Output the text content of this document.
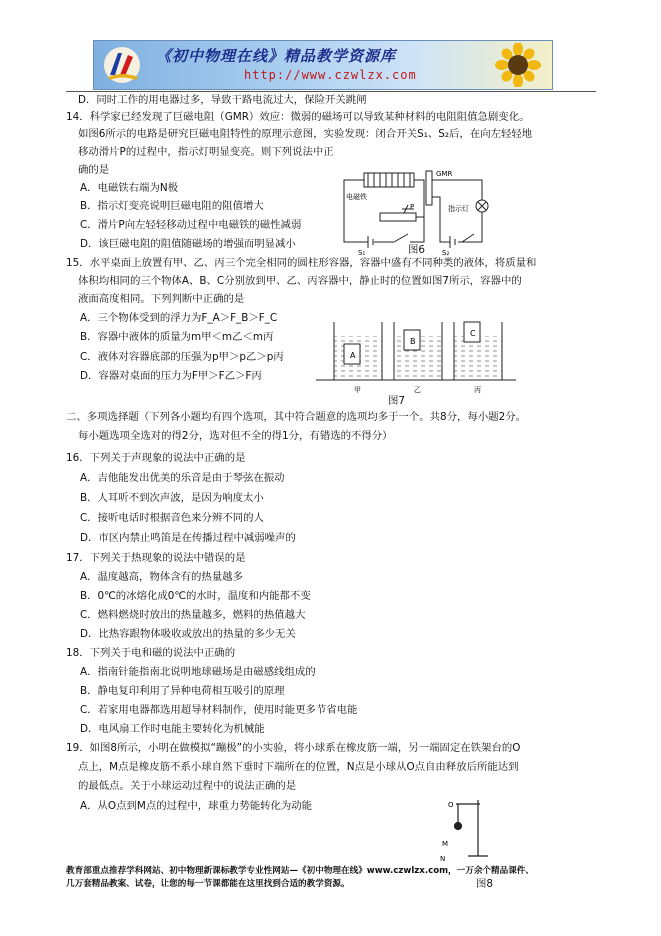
《初中物理在线》精品教学资源库
http://www.czwlzx.com
D．同时工作的用电器过多，导致干路电流过大，保险开关跳闸
14．科学家已经发现了巨磁电阻（GMR）效应：微弱的磁场可以导致某种材料的电阻阻值急剧变化。
如图6所示的电路是研究巨磁电阻特性的原理示意图，实验发现：闭合开关S₁、S₂后，在向左轻轻地
移动滑片P的过程中，指示灯明显变亮。则下列说法中正
确的是
A．电磁铁右端为N极
B．指示灯变亮说明巨磁电阻的阻值增大
C．滑片P向左轻轻移动过程中电磁铁的磁性减弱
D．该巨磁电阻的阻值随磁场的增强而明显减小
15．水平桌面上放置有甲、乙、丙三个完全相同的圆柱形容器，容器中盛有不同种类的液体，将质量和
体积均相同的三个物体A、B、C分别放到甲、乙、丙容器中，静止时的位置如图7所示，容器中的
液面高度相同。下列判断中正确的是
A．三个物体受到的浮力为F_A＞F_B＞F_C
B．容器中液体的质量为m甲＜m乙＜m丙
C．液体对容器底部的压强为p甲＞p乙＞p丙
D．容器对桌面的压力为F甲＞F乙＞F丙
二、多项选择题（下列各小题均有四个选项，其中符合题意的选项均多于一个。共8分，每小题2分。
每小题选项全选对的得2分，选对但不全的得1分，有错选的不得分）
16．下列关于声现象的说法中正确的是
A．吉他能发出优美的乐音是由于琴弦在振动
B．人耳听不到次声波，是因为响度太小
C．接听电话时根据音色来分辨不同的人
D．市区内禁止鸣笛是在传播过程中减弱噪声的
17．下列关于热现象的说法中错误的是
A．温度越高，物体含有的热量越多
B．0℃的冰熔化成0℃的水时，温度和内能都不变
C．燃料燃烧时放出的热量越多，燃料的热值越大
D．比热容跟物体吸收或放出的热量的多少无关
18．下列关于电和磁的说法中正确的
A．指南针能指南北说明地球磁场是由磁感线组成的
B．静电复印利用了异种电荷相互吸引的原理
C．若家用电器都选用超导材料制作，使用时能更多节省电能
D．电风扇工作时电能主要转化为机械能
19．如图8所示，小明在做模拟“蹦极”的小实验，将小球系在橡皮筋一端，另一端固定在铁架台的O
点上，M点是橡皮筋不系小球自然下垂时下端所在的位置，N点是小球从O点自由释放后所能达到
的最低点。关于小球运动过程中的说法正确的是
A．从O点到M点的过程中，球重力势能转化为动能
电磁铁
P
GMR
指示灯
S₁	S₂
图6
A
B
C
甲	乙	丙
图7
O
M
N
教育部重点推荐学科网站、初中物理新课标教学专业性网站—《初中物理在线》www.czwlzx.com，一万余个精品课件、
几万套精品教案、试卷，让您的每一节课都能在这里找到合适的教学资源。	图8
